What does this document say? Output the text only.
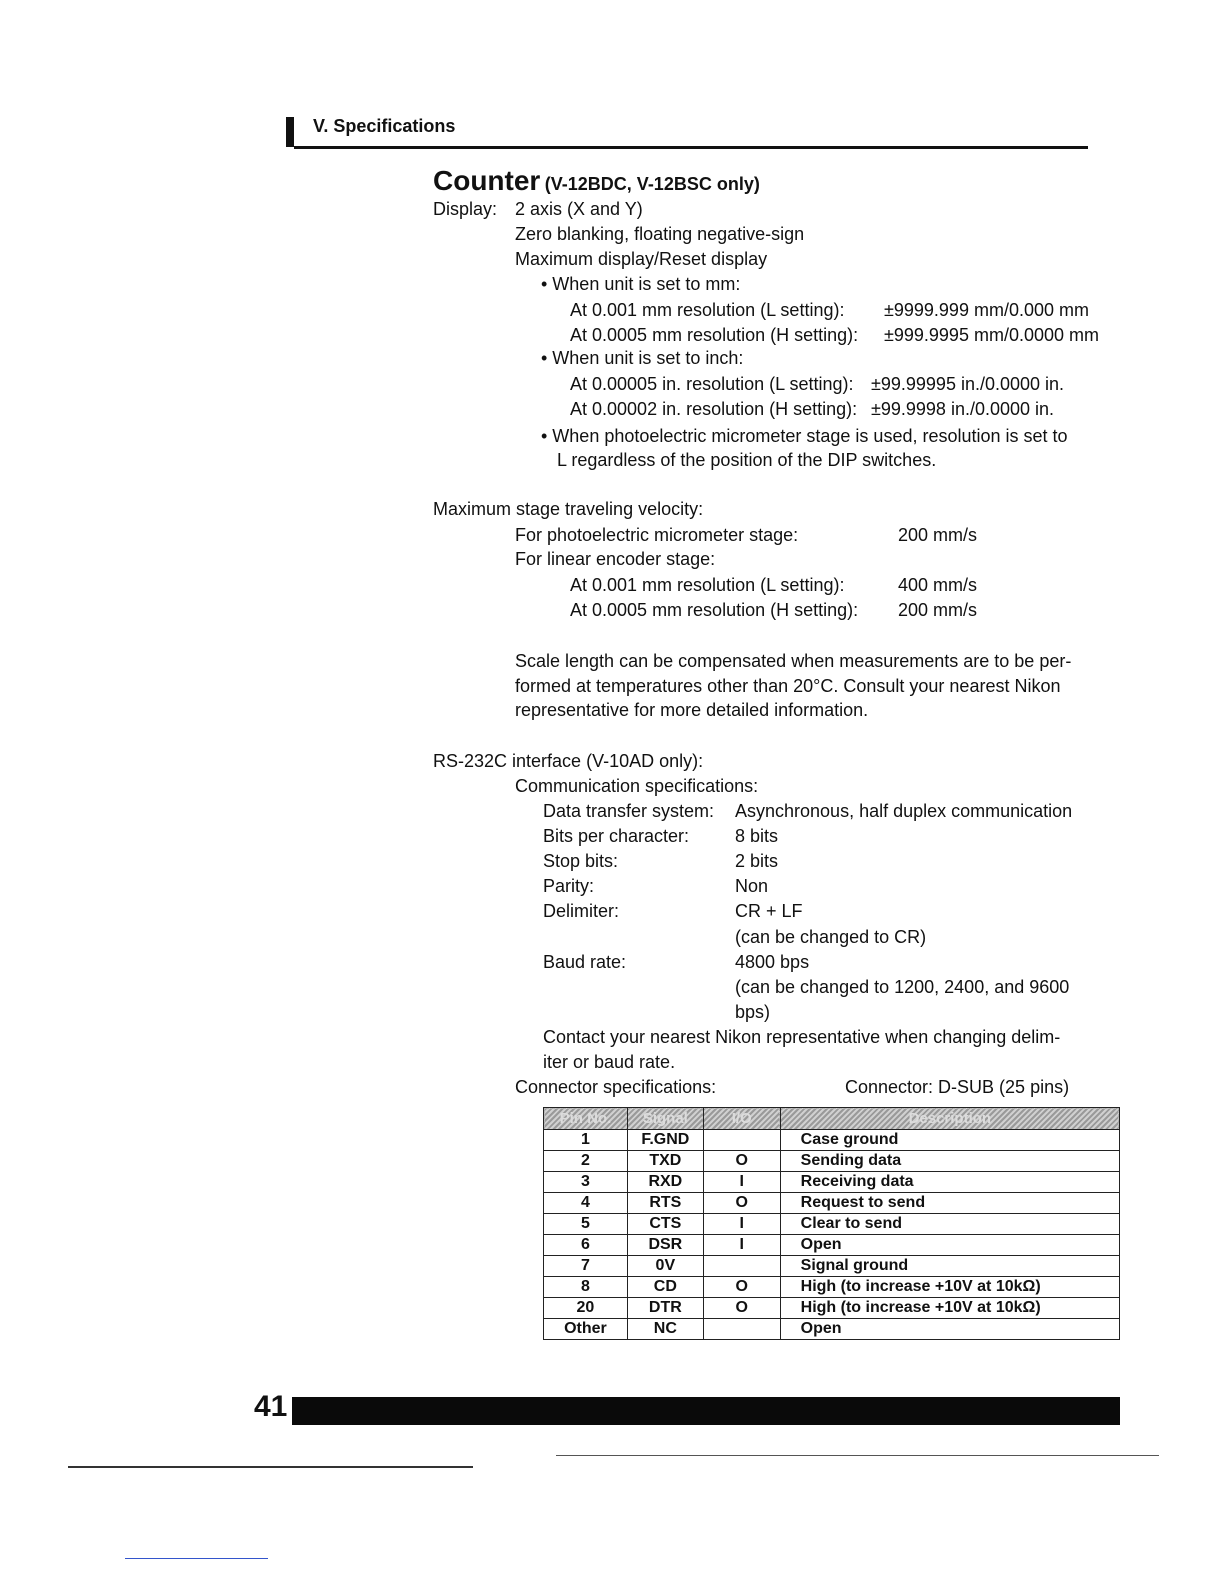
V. Specifications
Counter (V-12BDC, V-12BSC only)
Display: 2 axis (X and Y)
Zero blanking, floating negative-sign
Maximum display/Reset display
• When unit is set to mm:
At 0.001 mm resolution (L setting): ±9999.999 mm/0.000 mm
At 0.0005 mm resolution (H setting): ±999.9995 mm/0.0000 mm
• When unit is set to inch:
At 0.00005 in. resolution (L setting): ±99.99995 in./0.0000 in.
At 0.00002 in. resolution (H setting): ±99.9998 in./0.0000 in.
• When photoelectric micrometer stage is used, resolution is set to
L regardless of the position of the DIP switches.
Maximum stage traveling velocity:
For photoelectric micrometer stage:	200 mm/s
For linear encoder stage:
At 0.001 mm resolution (L setting):	400 mm/s
At 0.0005 mm resolution (H setting): 200 mm/s
Scale length can be compensated when measurements are to be per-
formed at temperatures other than 20°C. Consult your nearest Nikon
representative for more detailed information.
RS-232C interface (V-10AD only):
Communication specifications:
Data transfer system: Asynchronous, half duplex communication
Bits per character:	8 bits
Stop bits:	2 bits
Parity:	Non
Delimiter:	CR + LF
(can be changed to CR)
Baud rate:	4800 bps
(can be changed to 1200, 2400, and 9600
bps)
Contact your nearest Nikon representative when changing delim-
iter or baud rate.
Connector specifications:	Connector: D-SUB (25 pins)
Pin No.	Signal	I/O	Description
1	F.GND		Case ground
2	TXD	O	Sending data
3	RXD	I	Receiving data
4	RTS	O	Request to send
5	CTS	I	Clear to send
6	DSR	I	Open
7	0V		Signal ground
8	CD	O	High (to increase +10V at 10kΩ)
20	DTR	O	High (to increase +10V at 10kΩ)
Other	NC		Open
41
